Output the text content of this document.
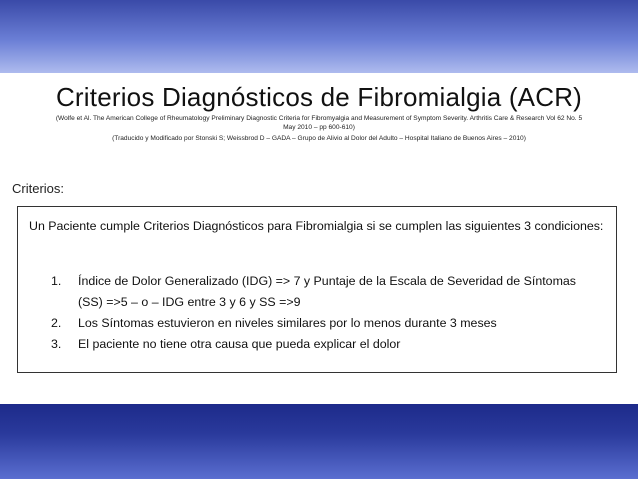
Criterios Diagnósticos de Fibromialgia (ACR)
(Wolfe et Al. The American College of Rheumatology Preliminary Diagnostic Criteria for Fibromyalgia and Measurement of Symptom Severity. Arthritis Care & Research Vol 62 No. 5
May 2010 – pp 600-610)
(Traducido y Modificado por Stonski S; Weissbrod D – GADA – Grupo de Alivio al Dolor del Adulto – Hospital Italiano de Buenos Aires – 2010)
Criterios:
Un Paciente cumple Criterios Diagnósticos para Fibromialgia si se cumplen las siguientes 3 condiciones:
1. Índice de Dolor Generalizado (IDG) => 7 y Puntaje de la Escala de Severidad de Síntomas (SS) =>5 – o – IDG entre 3 y 6 y SS =>9
2. Los Síntomas estuvieron en niveles similares por lo menos durante 3 meses
3. El paciente no tiene otra causa que pueda explicar el dolor
